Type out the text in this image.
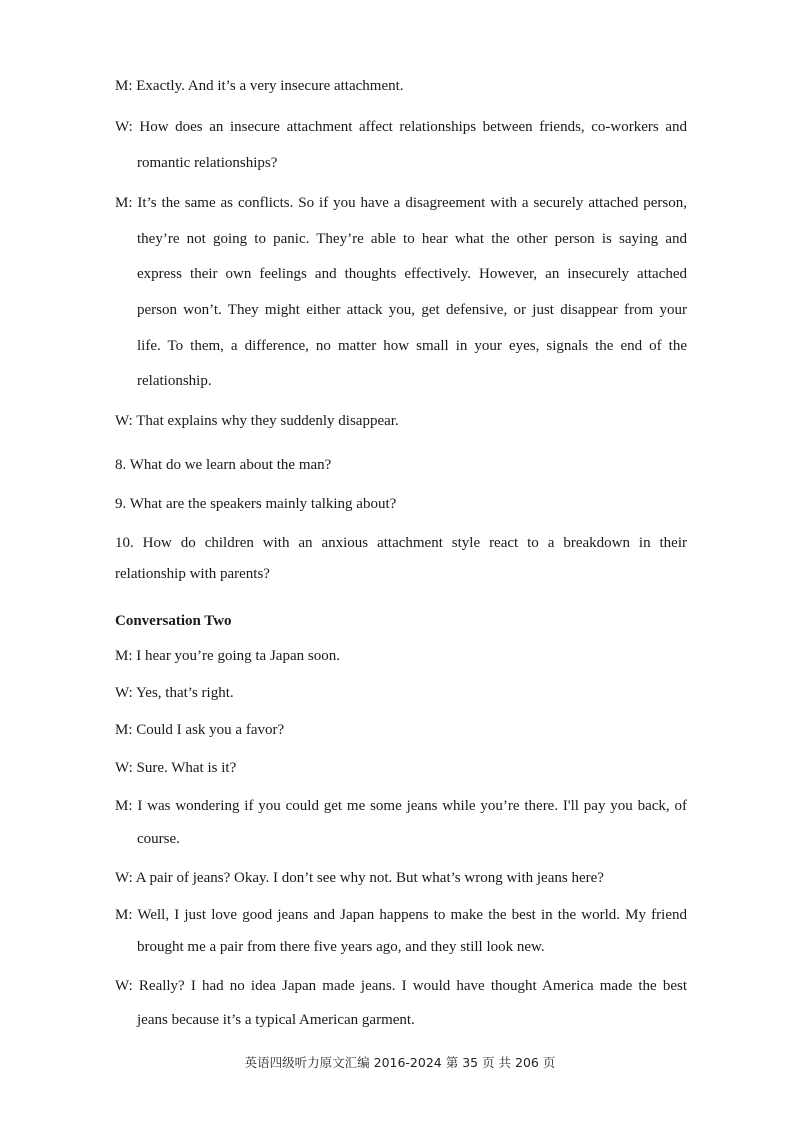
M: Exactly. And it’s a very insecure attachment.
W: How does an insecure attachment affect relationships between friends, co-workers and
romantic relationships?
M: It’s the same as conflicts. So if you have a disagreement with a securely attached person,
they’re not going to panic. They’re able to hear what the other person is saying and
express their own feelings and thoughts effectively. However, an insecurely attached
person won’t. They might either attack you, get defensive, or just disappear from your
life. To them, a difference, no matter how small in your eyes, signals the end of the
relationship.
W: That explains why they suddenly disappear.
8. What do we learn about the man?
9. What are the speakers mainly talking about?
10. How do children with an anxious attachment style react to a breakdown in their
relationship with parents?
Conversation Two
M: I hear you’re going ta Japan soon.
W: Yes, that’s right.
M: Could I ask you a favor?
W: Sure. What is it?
M: I was wondering if you could get me some jeans while you’re there. I'll pay you back, of
course.
W: A pair of jeans? Okay. I don’t see why not. But what’s wrong with jeans here?
M: Well, I just love good jeans and Japan happens to make the best in the world. My friend
brought me a pair from there five years ago, and they still look new.
W: Really? I had no idea Japan made jeans. I would have thought America made the best
jeans because it’s a typical American garment.
英语四级听力原文汇编 2016-2024 第 35 页 共 206 页
